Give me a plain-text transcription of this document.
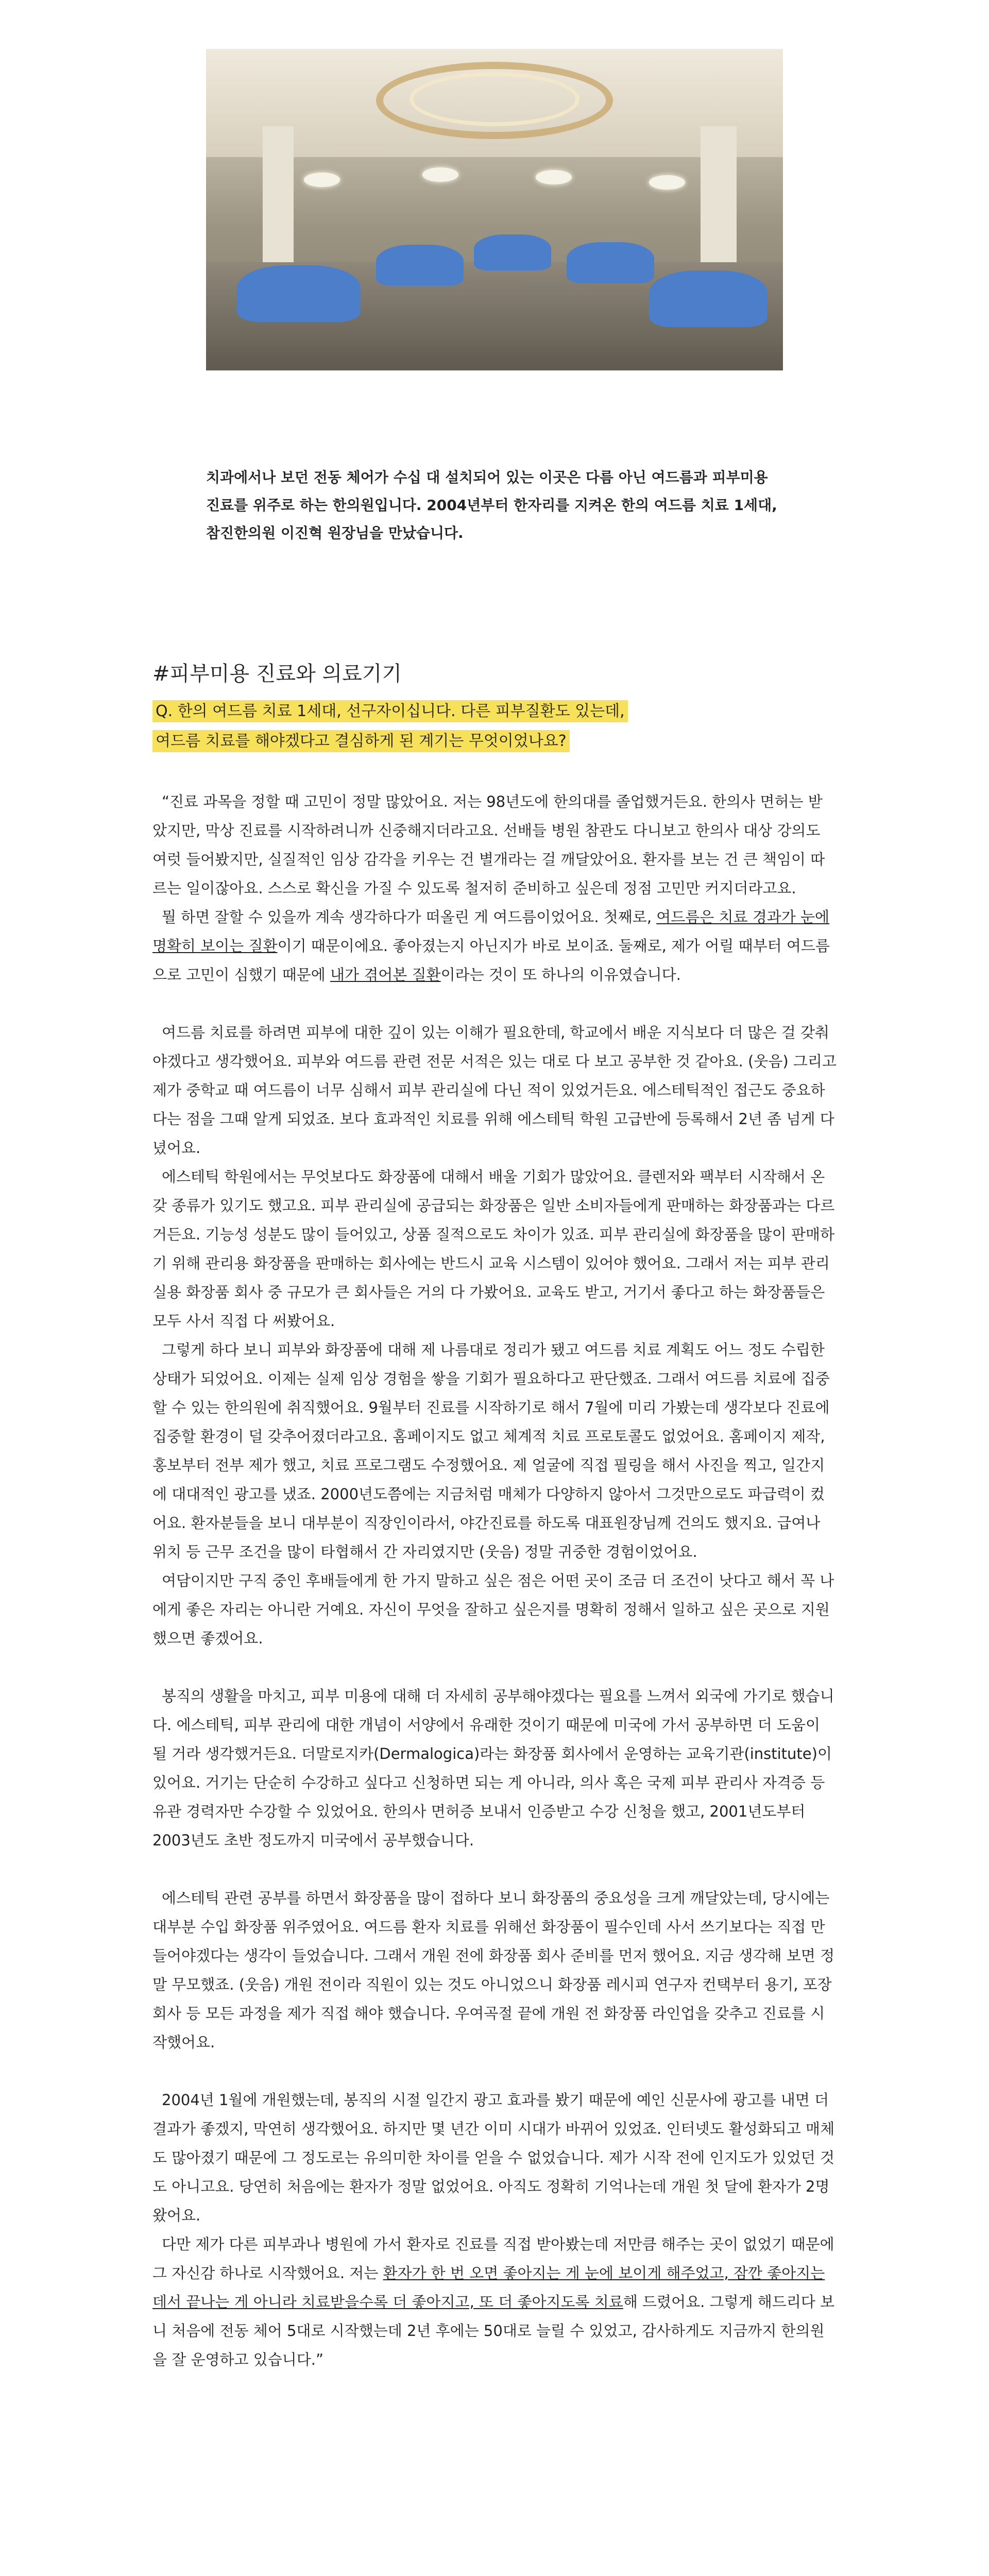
치과에서나 보던 전동 체어가 수십 대 설치되어 있는 이곳은 다름 아닌 여드름과 피부미용 진료를 위주로 하는 한의원입니다. 2004년부터 한자리를 지켜온 한의 여드름 치료 1세대, 참진한의원 이진혁 원장님을 만났습니다.
#피부미용 진료와 의료기기
Q. 한의 여드름 치료 1세대, 선구자이십니다. 다른 피부질환도 있는데,
여드름 치료를 해야겠다고 결심하게 된 계기는 무엇이었나요?

“진료 과목을 정할 때 고민이 정말 많았어요. 저는 98년도에 한의대를 졸업했거든요. 한의사 면허는 받았지만, 막상 진료를 시작하려니까 신중해지더라고요. 선배들 병원 참관도 다니보고 한의사 대상 강의도 여럿 들어봤지만, 실질적인 임상 감각을 키우는 건 별개라는 걸 깨달았어요. 환자를 보는 건 큰 책임이 따르는 일이잖아요. 스스로 확신을 가질 수 있도록 철저히 준비하고 싶은데 정점 고민만 커지더라고요.

뭘 하면 잘할 수 있을까 계속 생각하다가 떠올린 게 여드름이었어요. 첫째로, 여드름은 치료 경과가 눈에 명확히 보이는 질환이기 때문이에요. 좋아졌는지 아닌지가 바로 보이죠. 둘째로, 제가 어릴 때부터 여드름으로 고민이 심했기 때문에 내가 겪어본 질환이라는 것이 또 하나의 이유였습니다.

여드름 치료를 하려면 피부에 대한 깊이 있는 이해가 필요한데, 학교에서 배운 지식보다 더 많은 걸 갖춰야겠다고 생각했어요. 피부와 여드름 관련 전문 서적은 있는 대로 다 보고 공부한 것 같아요. (웃음) 그리고 제가 중학교 때 여드름이 너무 심해서 피부 관리실에 다닌 적이 있었거든요. 에스테틱적인 접근도 중요하다는 점을 그때 알게 되었죠. 보다 효과적인 치료를 위해 에스테틱 학원 고급반에 등록해서 2년 좀 넘게 다녔어요.

에스테틱 학원에서는 무엇보다도 화장품에 대해서 배울 기회가 많았어요. 클렌저와 팩부터 시작해서 온갖 종류가 있기도 했고요. 피부 관리실에 공급되는 화장품은 일반 소비자들에게 판매하는 화장품과는 다르거든요. 기능성 성분도 많이 들어있고, 상품 질적으로도 차이가 있죠. 피부 관리실에 화장품을 많이 판매하기 위해 관리용 화장품을 판매하는 회사에는 반드시 교육 시스템이 있어야 했어요. 그래서 저는 피부 관리실용 화장품 회사 중 규모가 큰 회사들은 거의 다 가봤어요. 교육도 받고, 거기서 좋다고 하는 화장품들은 모두 사서 직접 다 써봤어요.

그렇게 하다 보니 피부와 화장품에 대해 제 나름대로 정리가 됐고 여드름 치료 계획도 어느 정도 수립한 상태가 되었어요. 이제는 실제 임상 경험을 쌓을 기회가 필요하다고 판단했죠. 그래서 여드름 치료에 집중할 수 있는 한의원에 취직했어요. 9월부터 진료를 시작하기로 해서 7월에 미리 가봤는데 생각보다 진료에 집중할 환경이 덜 갖추어졌더라고요. 홈페이지도 없고 체계적 치료 프로토콜도 없었어요. 홈페이지 제작, 홍보부터 전부 제가 했고, 치료 프로그램도 수정했어요. 제 얼굴에 직접 필링을 해서 사진을 찍고, 일간지에 대대적인 광고를 냈죠. 2000년도쯤에는 지금처럼 매체가 다양하지 않아서 그것만으로도 파급력이 컸어요. 환자분들을 보니 대부분이 직장인이라서, 야간진료를 하도록 대표원장님께 건의도 했지요. 급여나 위치 등 근무 조건을 많이 타협해서 간 자리였지만 (웃음) 정말 귀중한 경험이었어요.

여담이지만 구직 중인 후배들에게 한 가지 말하고 싶은 점은 어떤 곳이 조금 더 조건이 낫다고 해서 꼭 나에게 좋은 자리는 아니란 거예요. 자신이 무엇을 잘하고 싶은지를 명확히 정해서 일하고 싶은 곳으로 지원했으면 좋겠어요.

봉직의 생활을 마치고, 피부 미용에 대해 더 자세히 공부해야겠다는 필요를 느껴서 외국에 가기로 했습니다. 에스테틱, 피부 관리에 대한 개념이 서양에서 유래한 것이기 때문에 미국에 가서 공부하면 더 도움이 될 거라 생각했거든요. 더말로지카(Dermalogica)라는 화장품 회사에서 운영하는 교육기관(institute)이 있어요. 거기는 단순히 수강하고 싶다고 신청하면 되는 게 아니라, 의사 혹은 국제 피부 관리사 자격증 등 유관 경력자만 수강할 수 있었어요. 한의사 면허증 보내서 인증받고 수강 신청을 했고, 2001년도부터 2003년도 초반 정도까지 미국에서 공부했습니다.

에스테틱 관련 공부를 하면서 화장품을 많이 접하다 보니 화장품의 중요성을 크게 깨달았는데, 당시에는 대부분 수입 화장품 위주였어요. 여드름 환자 치료를 위해선 화장품이 필수인데 사서 쓰기보다는 직접 만들어야겠다는 생각이 들었습니다. 그래서 개원 전에 화장품 회사 준비를 먼저 했어요. 지금 생각해 보면 정말 무모했죠. (웃음) 개원 전이라 직원이 있는 것도 아니었으니 화장품 레시피 연구자 컨택부터 용기, 포장 회사 등 모든 과정을 제가 직접 해야 했습니다. 우여곡절 끝에 개원 전 화장품 라인업을 갖추고 진료를 시작했어요.

2004년 1월에 개원했는데, 봉직의 시절 일간지 광고 효과를 봤기 때문에 예인 신문사에 광고를 내면 더 결과가 좋겠지, 막연히 생각했어요. 하지만 몇 년간 이미 시대가 바뀌어 있었죠. 인터넷도 활성화되고 매체도 많아졌기 때문에 그 정도로는 유의미한 차이를 얻을 수 없었습니다. 제가 시작 전에 인지도가 있었던 것도 아니고요. 당연히 처음에는 환자가 정말 없었어요. 아직도 정확히 기억나는데 개원 첫 달에 환자가 2명 왔어요.

다만 제가 다른 피부과나 병원에 가서 환자로 진료를 직접 받아봤는데 저만큼 해주는 곳이 없었기 때문에 그 자신감 하나로 시작했어요. 저는 환자가 한 번 오면 좋아지는 게 눈에 보이게 해주었고, 잠깐 좋아지는 데서 끝나는 게 아니라 치료받을수록 더 좋아지고, 또 더 좋아지도록 치료해 드렸어요. 그렇게 해드리다 보니 처음에 전동 체어 5대로 시작했는데 2년 후에는 50대로 늘릴 수 있었고, 감사하게도 지금까지 한의원을 잘 운영하고 있습니다.”
